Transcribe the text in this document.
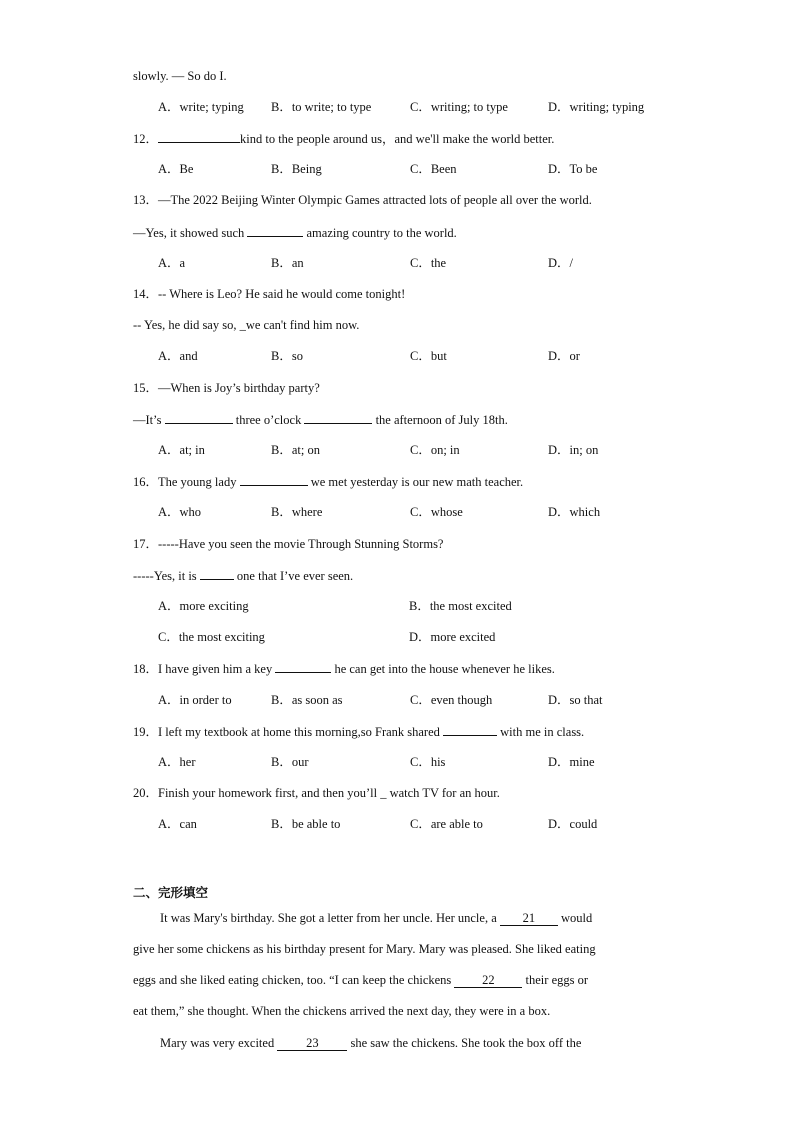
slowly. — So do I.
A．write; typing B．to write; to type	C．writing; to type	D．writing; typing
12．	kind to the people around us，and we'll make the world better.
A．Be	B．Being	C．Been	D．To be
13．—The 2022 Beijing Winter Olympic Games attracted lots of people all over the world.
—Yes, it showed such	amazing country to the world.
A．a	B．an	C．the	D．/
14．-- Where is Leo? He said he would come tonight!
-- Yes, he did say so, _we can't find him now.
A．and	B．so	C．but	D．or
15．—When is Joy’s birthday party?
—It’s	three o’clock	the afternoon of July 18th.
A．at; in	B．at; on	C．on; in	D．in; on
16．The young lady	we met yesterday is our new math teacher.
A．who	B．where	C．whose	D．which
17．-----Have you seen the movie Through Stunning Storms?
-----Yes, it is	one that I’ve ever seen.
A．more exciting	B．the most excited
C．the most exciting	D．more excited
18．I have given him a key	he can get into the house whenever he likes.
A．in order to	B．as soon as	C．even though	D．so that
19．I left my textbook at home this morning,so Frank shared	with me in class.
A．her	B．our	C．his	D．mine
20．Finish your homework first, and then you’ll _ watch TV for an hour.
A．can	B．be able to	C．are able to	D．could
二、完形填空
It was Mary's birthday. She got a letter from her uncle. Her uncle, a 21 would
give her some chickens as his birthday present for Mary. Mary was pleased. She liked eating
eggs and she liked eating chicken, too. “I can keep the chickens 22 their eggs or
eat them,” she thought. When the chickens arrived the next day, they were in a box.
Mary was very excited	23	she saw the chickens. She took the box off the
